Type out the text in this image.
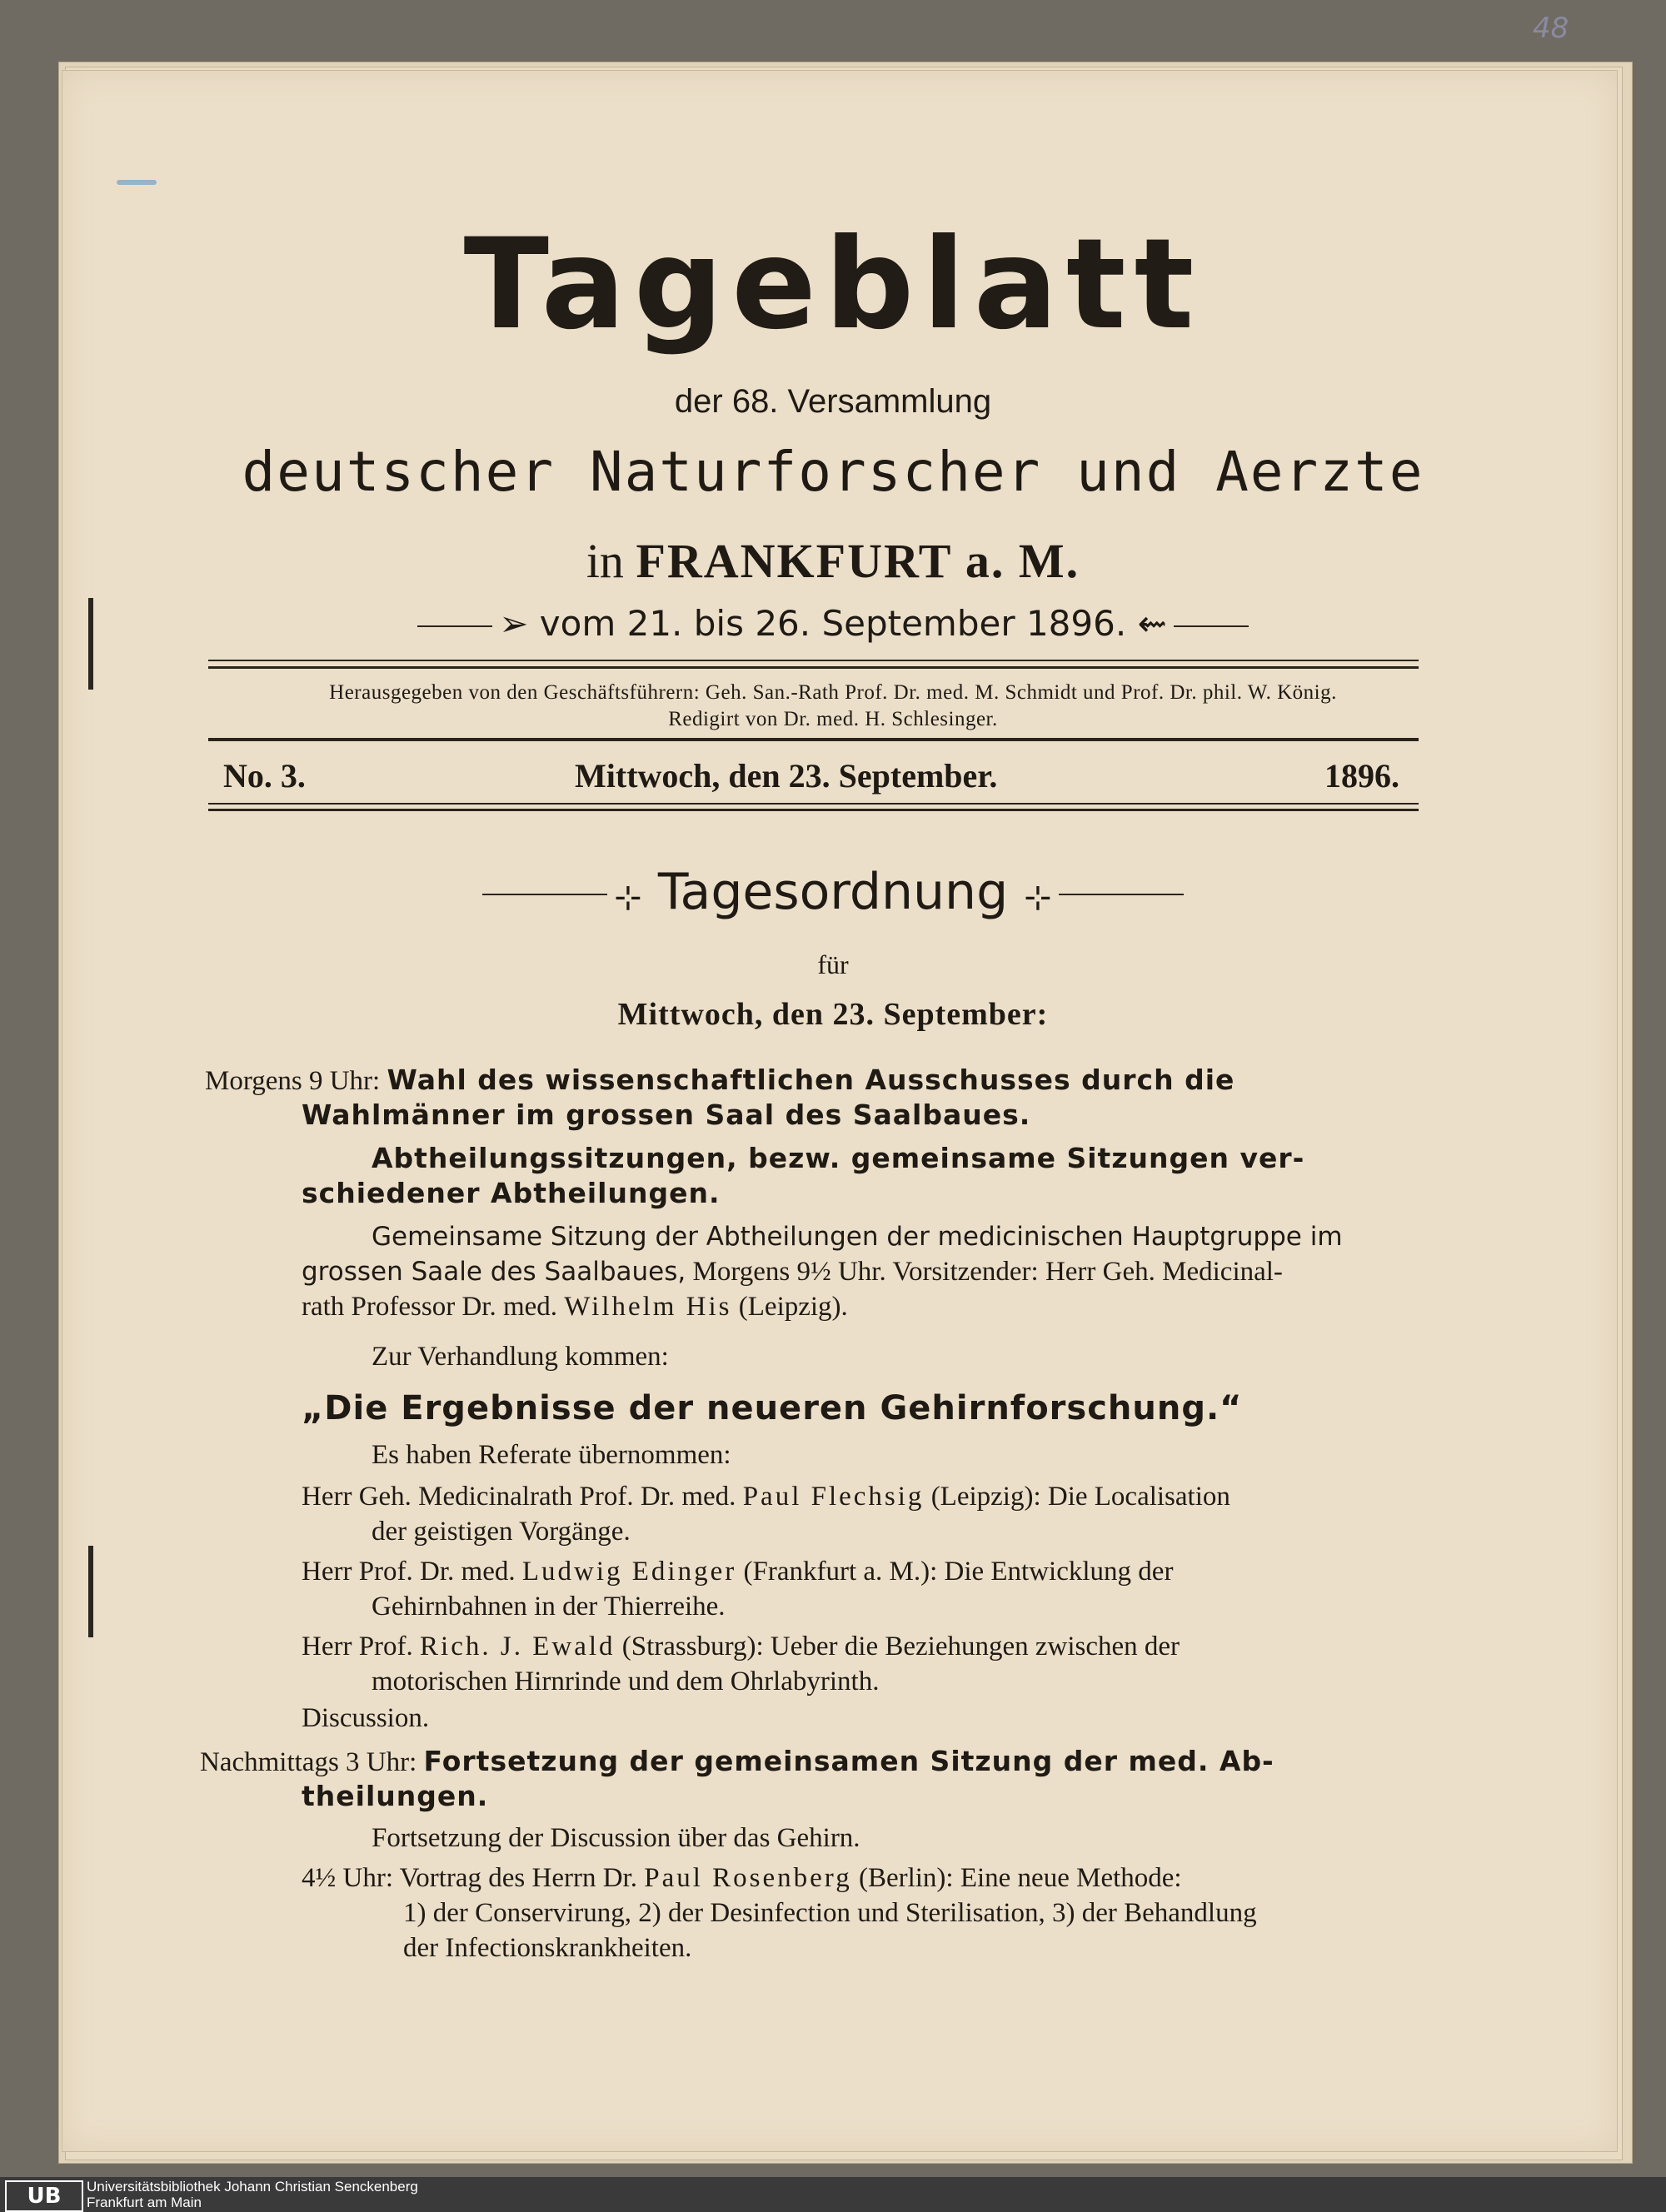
48
Tageblatt
der 68. Versammlung
deutscher Naturforscher und Aerzte
in FRANKFURT a. M.
➢ vom 21. bis 26. September 1896. ⇜
Herausgegeben von den Geschäftsführern: Geh. San.-Rath Prof. Dr. med. M. Schmidt und Prof. Dr. phil. W. König.
Redigirt von Dr. med. H. Schlesinger.
No. 3.	Mittwoch, den 23. September.	1896.
⊹ Tagesordnung ⊹
für
Mittwoch, den 23. September:
Morgens 9 Uhr: Wahl des wissenschaftlichen Ausschusses durch die
Wahlmänner im grossen Saal des Saalbaues.
Abtheilungssitzungen, bezw. gemeinsame Sitzungen ver-
schiedener Abtheilungen.
Gemeinsame Sitzung der Abtheilungen der medicinischen Hauptgruppe im
grossen Saale des Saalbaues, Morgens 9½ Uhr. Vorsitzender: Herr Geh. Medicinal-
rath Professor Dr. med. Wilhelm His (Leipzig).
Zur Verhandlung kommen:
„Die Ergebnisse der neueren Gehirnforschung.“
Es haben Referate übernommen:
Herr Geh. Medicinalrath Prof. Dr. med. Paul Flechsig (Leipzig): Die Localisation
der geistigen Vorgänge.
Herr Prof. Dr. med. Ludwig Edinger (Frankfurt a. M.): Die Entwicklung der
Gehirnbahnen in der Thierreihe.
Herr Prof. Rich. J. Ewald (Strassburg): Ueber die Beziehungen zwischen der
motorischen Hirnrinde und dem Ohrlabyrinth.
Discussion.
Nachmittags 3 Uhr: Fortsetzung der gemeinsamen Sitzung der med. Ab-
theilungen.
Fortsetzung der Discussion über das Gehirn.
4½ Uhr: Vortrag des Herrn Dr. Paul Rosenberg (Berlin): Eine neue Methode:
1) der Conservirung, 2) der Desinfection und Sterilisation, 3) der Behandlung
der Infectionskrankheiten.
UB	Universitätsbibliothek Johann Christian Senckenberg
Frankfurt am Main
